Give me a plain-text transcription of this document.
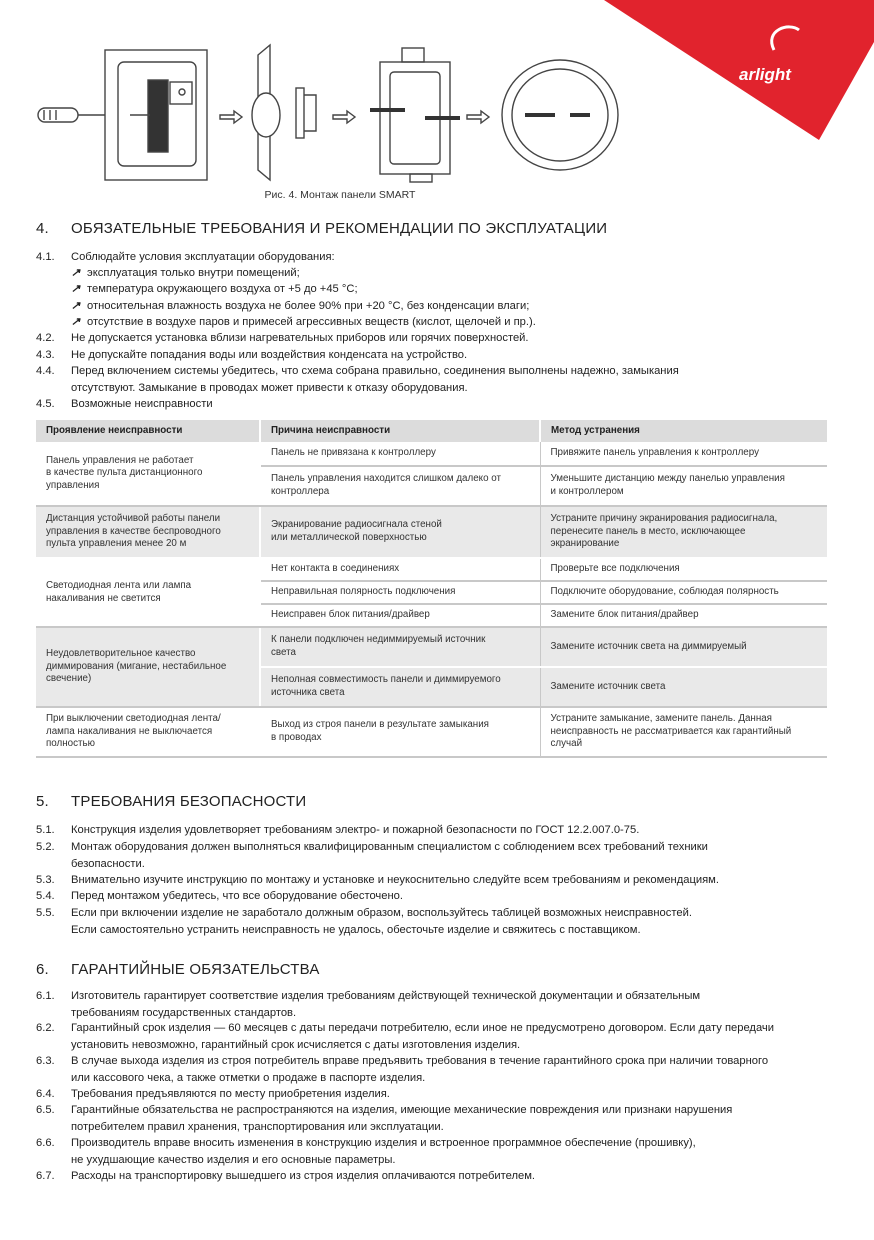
arlight
Рис. 4. Монтаж панели SMART
4. ОБЯЗАТЕЛЬНЫЕ ТРЕБОВАНИЯ И РЕКОМЕНДАЦИИ ПО ЭКСПЛУАТАЦИИ
4.1. Соблюдайте условия эксплуатации оборудования:
↗ эксплуатация только внутри помещений;
↗ температура окружающего воздуха от +5 до +45 °C;
↗ относительная влажность воздуха не более 90% при +20 °C, без конденсации влаги;
↗ отсутствие в воздухе паров и примесей агрессивных веществ (кислот, щелочей и пр.).
4.2. Не допускается установка вблизи нагревательных приборов или горячих поверхностей.
4.3. Не допускайте попадания воды или воздействия конденсата на устройство.
4.4. Перед включением системы убедитесь, что схема собрана правильно, соединения выполнены надежно, замыкания
отсутствуют. Замыкание в проводах может привести к отказу оборудования.
4.5. Возможные неисправности
Проявление неисправности	Причина неисправности	Метод устранения
Панель управления не работает
в качестве пульта дистанционного
управления	Панель не привязана к контроллеру	Привяжите панель управления к контроллеру
	Панель управления находится слишком далеко от
контроллера	Уменьшите дистанцию между панелью управления
и контроллером
Дистанция устойчивой работы панели
управления в качестве беспроводного
пульта управления менее 20 м	Экранирование радиосигнала стеной
или металлической поверхностью	Устраните причину экранирования радиосигнала,
перенесите панель в место, исключающее
экранирование
Светодиодная лента или лампа
накаливания не светится	Нет контакта в соединениях	Проверьте все подключения
	Неправильная полярность подключения	Подключите оборудование, соблюдая полярность
	Неисправен блок питания/драйвер	Замените блок питания/драйвер
Неудовлетворительное качество
диммирования (мигание, нестабильное
свечение)	К панели подключен недиммируемый источник
света	Замените источник света на диммируемый
	Неполная совместимость панели и диммируемого
источника света	Замените источник света
При выключении светодиодная лента/
лампа накаливания не выключается
полностью	Выход из строя панели в результате замыкания
в проводах	Устраните замыкание, замените панель. Данная
неисправность не рассматривается как гарантийный
случай
5. ТРЕБОВАНИЯ БЕЗОПАСНОСТИ
5.1. Конструкция изделия удовлетворяет требованиям электро- и пожарной безопасности по ГОСТ 12.2.007.0-75.
5.2. Монтаж оборудования должен выполняться квалифицированным специалистом с соблюдением всех требований техники
безопасности.
5.3. Внимательно изучите инструкцию по монтажу и установке и неукоснительно следуйте всем требованиям и рекомендациям.
5.4. Перед монтажом убедитесь, что все оборудование обесточено.
5.5. Если при включении изделие не заработало должным образом, воспользуйтесь таблицей возможных неисправностей.
Если самостоятельно устранить неисправность не удалось, обесточьте изделие и свяжитесь с поставщиком.
6. ГАРАНТИЙНЫЕ ОБЯЗАТЕЛЬСТВА
6.1. Изготовитель гарантирует соответствие изделия требованиям действующей технической документации и обязательным
требованиям государственных стандартов.
6.2. Гарантийный срок изделия — 60 месяцев с даты передачи потребителю, если иное не предусмотрено договором. Если дату передачи
установить невозможно, гарантийный срок исчисляется с даты изготовления изделия.
6.3. В случае выхода изделия из строя потребитель вправе предъявить требования в течение гарантийного срока при наличии товарного
или кассового чека, а также отметки о продаже в паспорте изделия.
6.4. Требования предъявляются по месту приобретения изделия.
6.5. Гарантийные обязательства не распространяются на изделия, имеющие механические повреждения или признаки нарушения
потребителем правил хранения, транспортирования или эксплуатации.
6.6. Производитель вправе вносить изменения в конструкцию изделия и встроенное программное обеспечение (прошивку),
не ухудшающие качество изделия и его основные параметры.
6.7. Расходы на транспортировку вышедшего из строя изделия оплачиваются потребителем.
